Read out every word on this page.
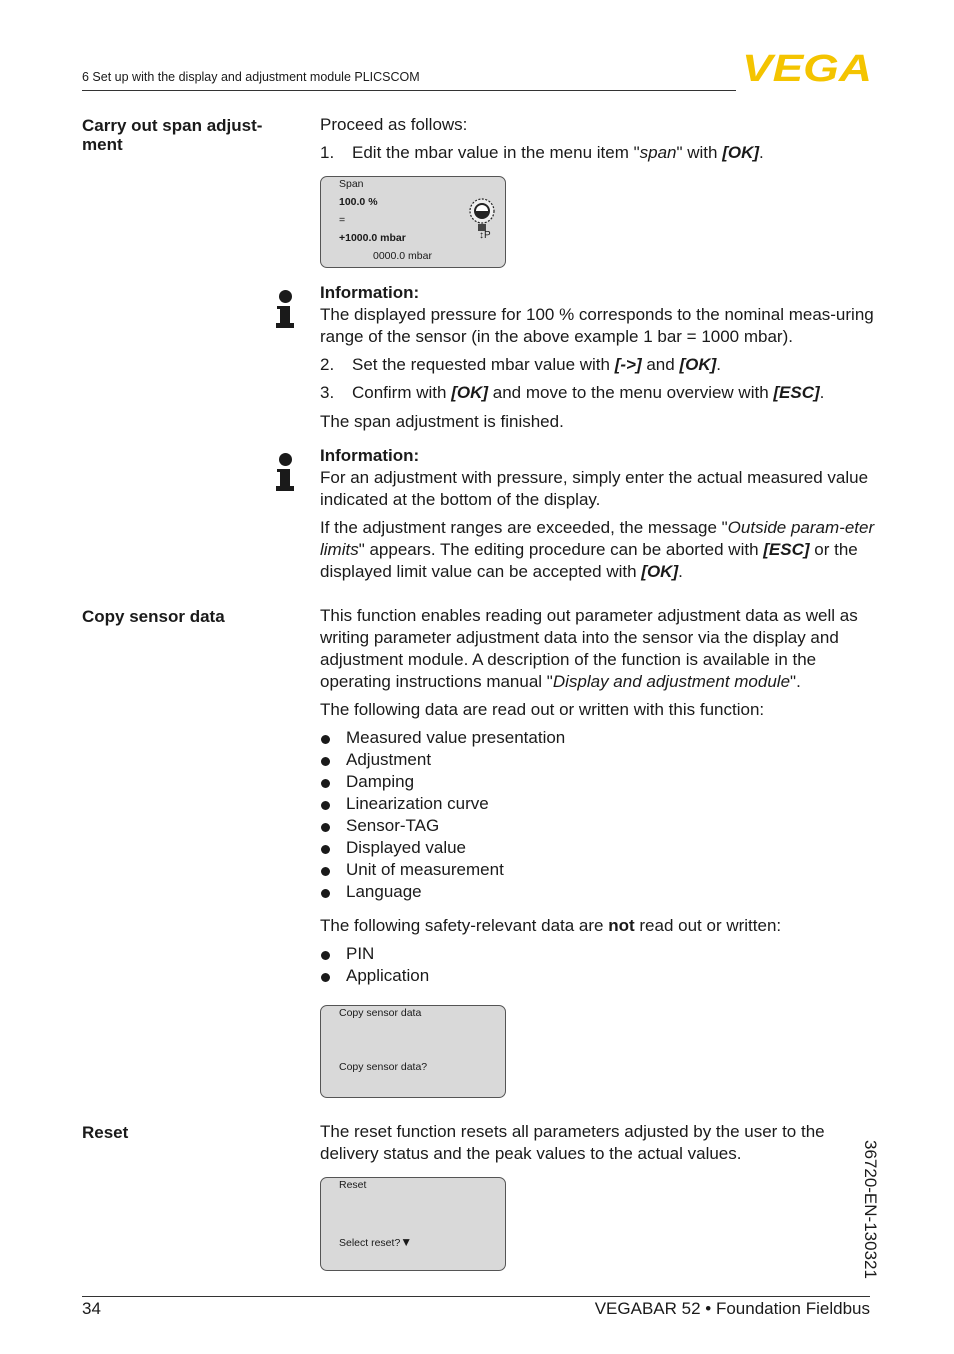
6 Set up with the display and adjustment module PLICSCOM	VEGA
Carry out span adjust-ment

Proceed as follows:

1.	Edit the mbar value in the menu item "span" with [OK].
Span
100.0 %
=
+1000.0 mbar
0000.0 mbar
↕P

Information:

The displayed pressure for 100 % corresponds to the nominal meas-uring range of the sensor (in the above example 1 bar = 1000 mbar).

2.	Set the requested mbar value with [->] and [OK].
3.	Confirm with [OK] and move to the menu overview with [ESC].

The span adjustment is finished.

Information:

For an adjustment with pressure, simply enter the actual measured value indicated at the bottom of the display.

If the adjustment ranges are exceeded, the message "Outside param-eter limits" appears. The editing procedure can be aborted with [ESC] or the displayed limit value can be accepted with [OK].

Copy sensor data	This function enables reading out parameter adjustment data as well as writing parameter adjustment data into the sensor via the display and adjustment module. A description of the function is available in the operating instructions manual "Display and adjustment module".

The following data are read out or written with this function:

Measured value presentation
Adjustment
Damping
Linearization curve
Sensor-TAG
Displayed value
Unit of measurement
Language

The following safety-relevant data are not read out or written:

PIN
Application
Copy sensor data
Copy sensor data?
Reset	The reset function resets all parameters adjusted by the user to the delivery status and the peak values to the actual values.

Reset
Select reset?▼	36720-EN-130321
34	VEGABAR 52 • Foundation Fieldbus
